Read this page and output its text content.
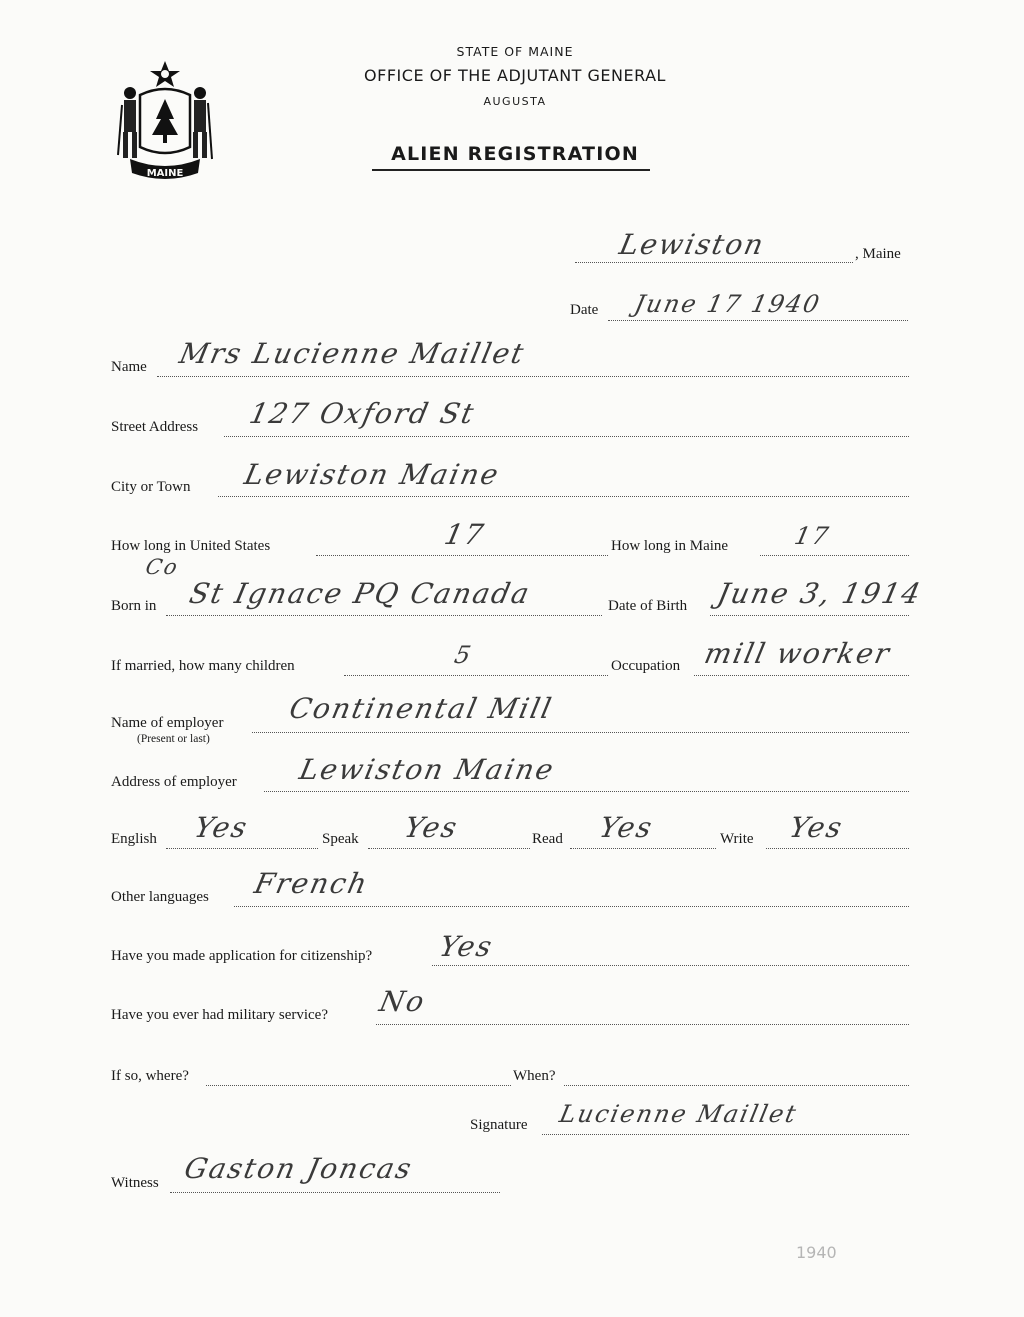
MAINE
STATE OF MAINE
OFFICE OF THE ADJUTANT GENERAL
AUGUSTA
ALIEN REGISTRATION
Lewiston	, Maine
Date June 17 1940
Name Mrs Lucienne Maillet
Street Address 127 Oxford St
City or Town Lewiston Maine
How long in United States	17	How long in Maine	17
Co
Born in St Ignace PQ Canada	Date of Birth June 3, 1914
If married, how many children	5	Occupation mill worker
Name of employer
(Present or last)
Continental Mill
Address of employer Lewiston Maine
English Yes	Speak Yes	Read Yes	Write Yes
Other languages French
Have you made application for citizenship? Yes
Have you ever had military service? No
If so, where?	When?
Signature Lucienne Maillet
Witness Gaston Joncas
1940
